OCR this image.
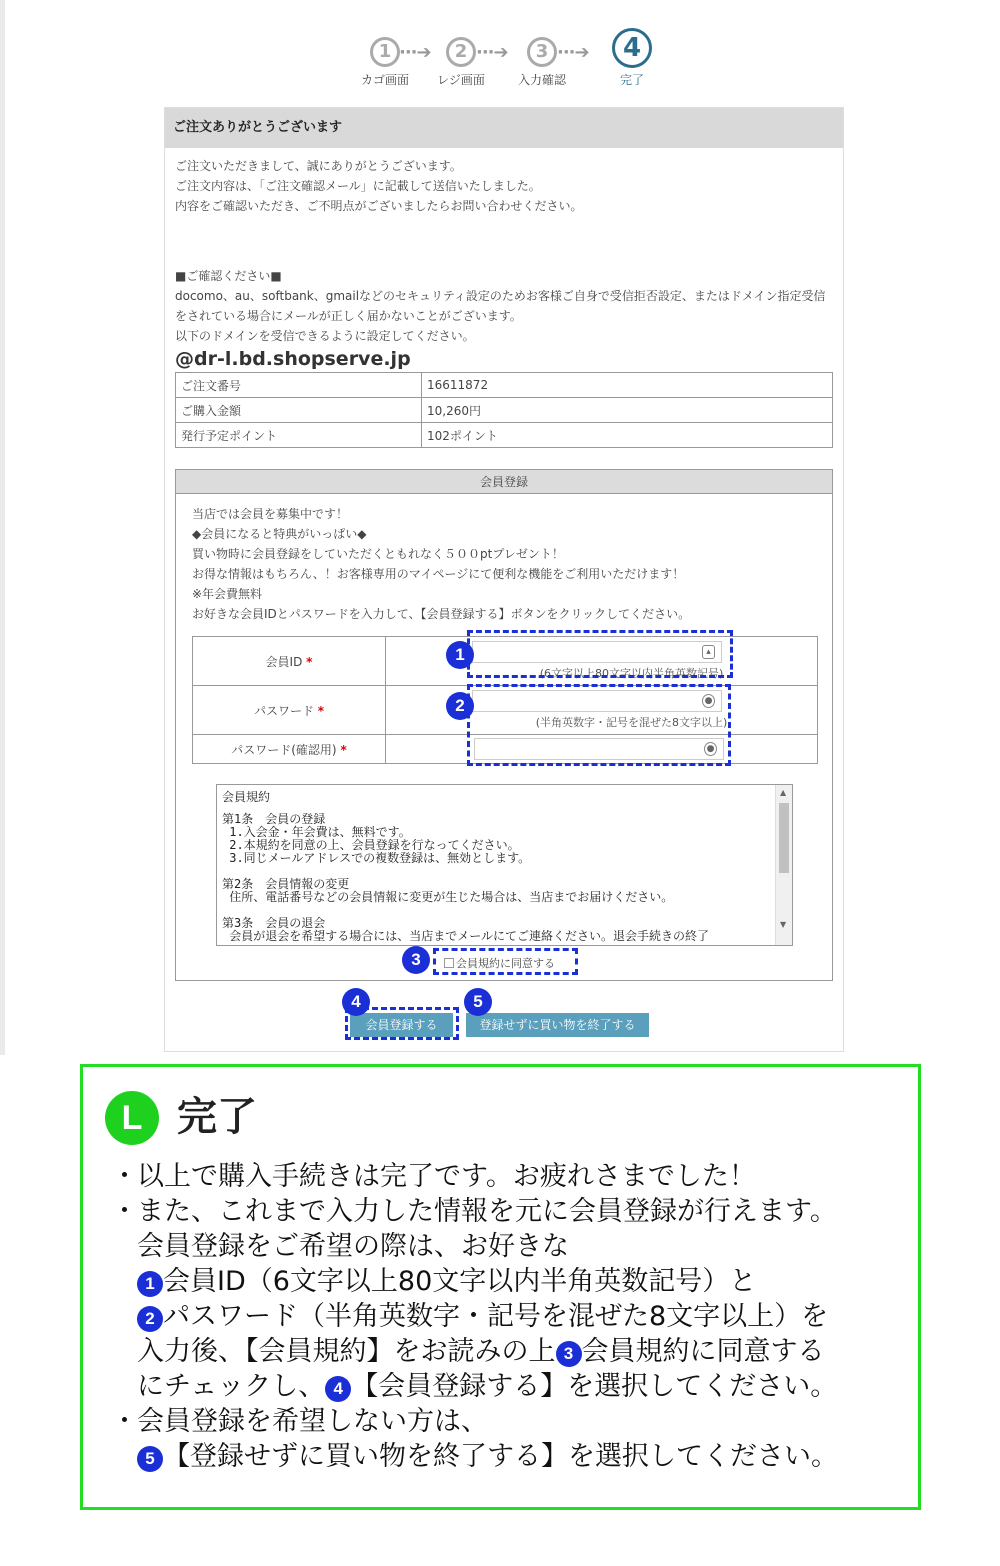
1
カゴ画面
···➔	2
レジ画面
···➔	3
入力確認
···➔	4
完了
ご注文ありがとうございます
ご注文いただきまして、誠にありがとうございます。
ご注文内容は、「ご注文確認メール」に記載して送信いたしました。
内容をご確認いただき、ご不明点がございましたらお問い合わせください。
■ご確認ください■
docomo、au、softbank、gmailなどのセキュリティ設定のためお客様ご自身で受信拒否設定、またはドメイン指定受信
をされている場合にメールが正しく届かないことがございます。
以下のドメインを受信できるように設定してください。
@dr-l.bd.shopserve.jp
ご注文番号	16611872
ご購入金額	10,260円
発行予定ポイント	102ポイント
会員登録
当店では会員を募集中です！
◆会員になると特典がいっぱい◆
買い物時に会員登録をしていただくともれなく５００ptプレゼント！
お得な情報はもちろん、！お客様専用のマイページにて便利な機能をご利用いただけます！
※年会費無料
お好きな会員IDとパスワードを入力して、【会員登録する】ボタンをクリックしてください。
会員ID *	▴
(6文字以上80文字以内半角英数記号)

パスワード *	●
(半角英数字・記号を混ぜた8文字以上)

パスワード(確認用) *	●
会員規約
第1条　会員の登録
1.入会金・年会費は、無料です。
2.本規約を同意の上、会員登録を行なってください。
3.同じメールアドレスでの複数登録は、無効とします。

第2条　会員情報の変更
住所、電話番号などの会員情報に変更が生じた場合は、当店までお届けください。

第3条　会員の退会
会員が退会を希望する場合には、当店までメールにてご連絡ください。退会手続きの終了
▲
▼
会員規約に同意する
会員登録する	登録せずに買い物を終了する
1
2
3
4	5
L 完了
・ 以上で購入手続きは完了です。お疲れさまでした！
・ また、これまで入力した情報を元に会員登録が行えます。
会員登録をご希望の際は、お好きな
1 会員ID（6文字以上80文字以内半角英数記号）と
2 パスワード（半角英数字・記号を混ぜた8文字以上）を
入力後、【会員規約】をお読みの上 3 会員規約に同意する
にチェックし、 4 【会員登録する】を選択してください。
・ 会員登録を希望しない方は、
5 【登録せずに買い物を終了する】を選択してください。
